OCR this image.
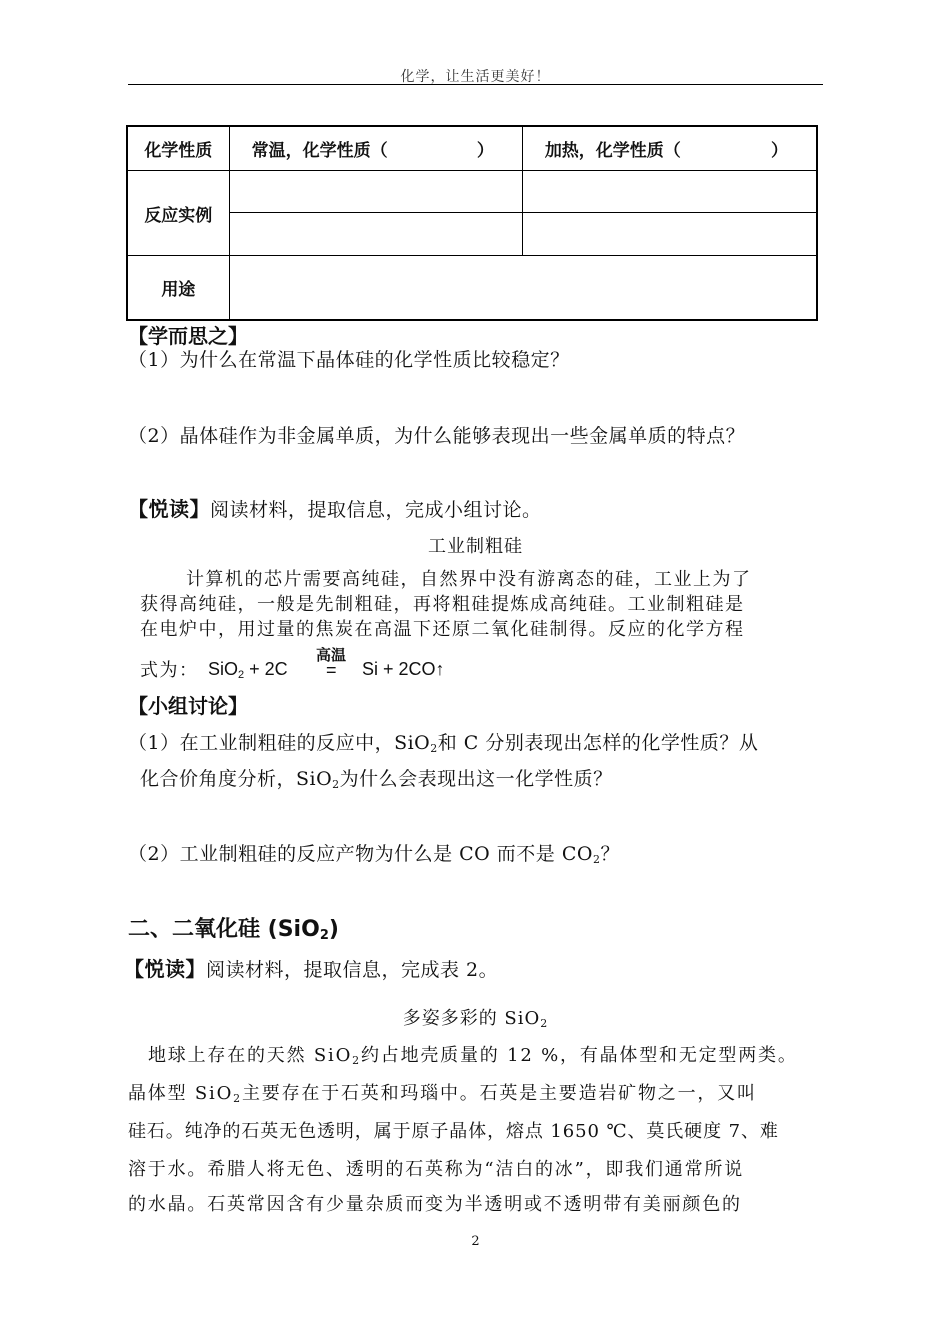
化学，让生活更美好！
化学性质	常温，化学性质（ ）	加热，化学性质（ ）

反应实例		

用途		
【学而思之】
（1）为什么在常温下晶体硅的化学性质比较稳定？
（2）晶体硅作为非金属单质，为什么能够表现出一些金属单质的特点？
【悦读】阅读材料，提取信息，完成小组讨论。
工业制粗硅
计算机的芯片需要高纯硅，自然界中没有游离态的硅，工业上为了
获得高纯硅，一般是先制粗硅，再将粗硅提炼成高纯硅。工业制粗硅是
在电炉中，用过量的焦炭在高温下还原二氧化硅制得。反应的化学方程
式为： SiO$_2$ + 2C
高温
= Si + 2CO↑
【小组讨论】
（1）在工业制粗硅的反应中，SiO$_2$和 C 分别表现出怎样的化学性质？从
化合价角度分析，SiO$_2$为什么会表现出这一化学性质？
（2）工业制粗硅的反应产物为什么是 CO 而不是 $CO_2$？
二、二氧化硅 (SiO$_2$)
【悦读】阅读材料，提取信息，完成表 2。
多姿多彩的 SiO$_2$
地球上存在的天然 SiO$_2$约占地壳质量的 12 %，有晶体型和无定型两类。
晶体型 SiO$_2$主要存在于石英和玛瑙中。石英是主要造岩矿物之一，又叫
硅石。纯净的石英无色透明，属于原子晶体，熔点 1650 ℃、莫氏硬度 7、难
溶于水。希腊人将无色、透明的石英称为“洁白的冰”，即我们通常所说
的水晶。石英常因含有少量杂质而变为半透明或不透明带有美丽颜色的
2
